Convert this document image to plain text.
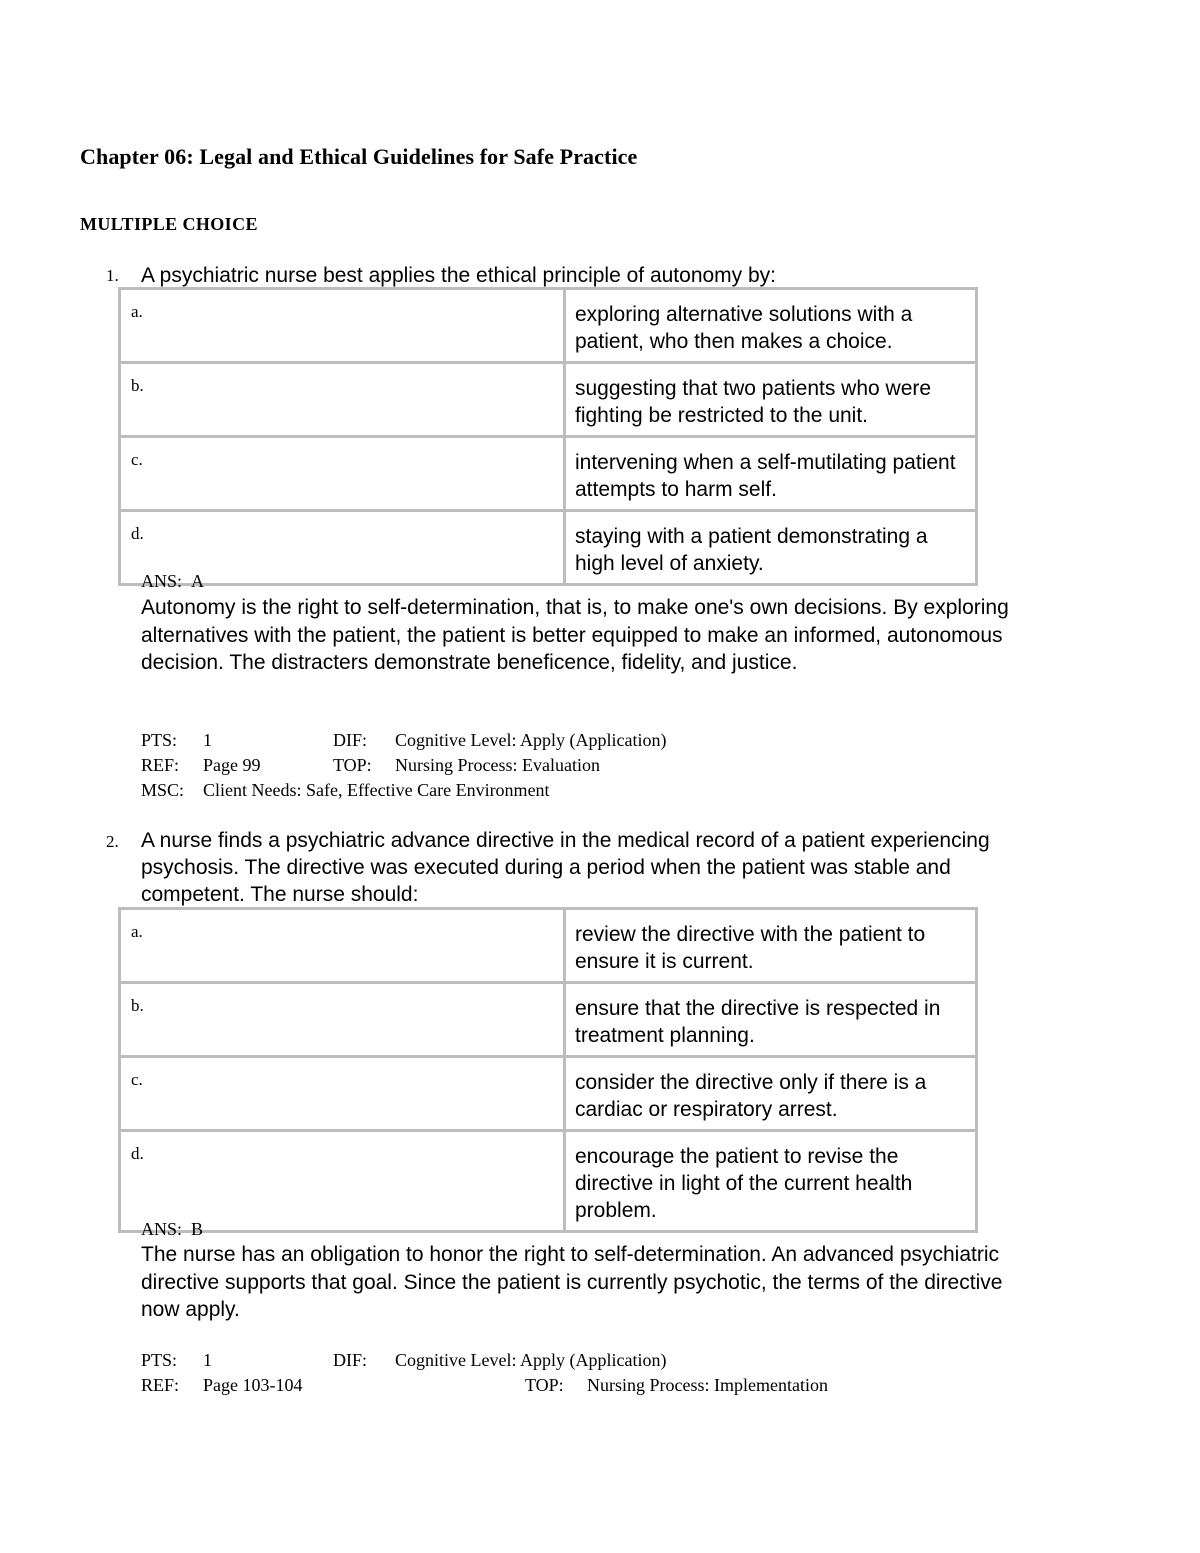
Chapter 06: Legal and Ethical Guidelines for Safe Practice
MULTIPLE CHOICE
1. A psychiatric nurse best applies the ethical principle of autonomy by:
a.	exploring alternative solutions with a patient, who then makes a choice.
b.	suggesting that two patients who were fighting be restricted to the unit.
c.	intervening when a self-mutilating patient attempts to harm self.
d.	staying with a patient demonstrating a high level of anxiety.
ANS: A
Autonomy is the right to self-determination, that is, to make one's own decisions. By exploring alternatives with the patient, the patient is better equipped to make an informed, autonomous decision. The distracters demonstrate beneficence, fidelity, and justice.
PTS: 1	DIF: Cognitive Level: Apply (Application)
REF: Page 99	TOP: Nursing Process: Evaluation
MSC: Client Needs: Safe, Effective Care Environment
2. A nurse finds a psychiatric advance directive in the medical record of a patient experiencing psychosis. The directive was executed during a period when the patient was stable and competent. The nurse should:
a.	review the directive with the patient to ensure it is current.
b.	ensure that the directive is respected in treatment planning.
c.	consider the directive only if there is a cardiac or respiratory arrest.
d.	encourage the patient to revise the directive in light of the current health problem.
ANS: B
The nurse has an obligation to honor the right to self-determination. An advanced psychiatric directive supports that goal. Since the patient is currently psychotic, the terms of the directive now apply.
PTS: 1	DIF: Cognitive Level: Apply (Application)
REF: Page 103-104	TOP: Nursing Process: Implementation
